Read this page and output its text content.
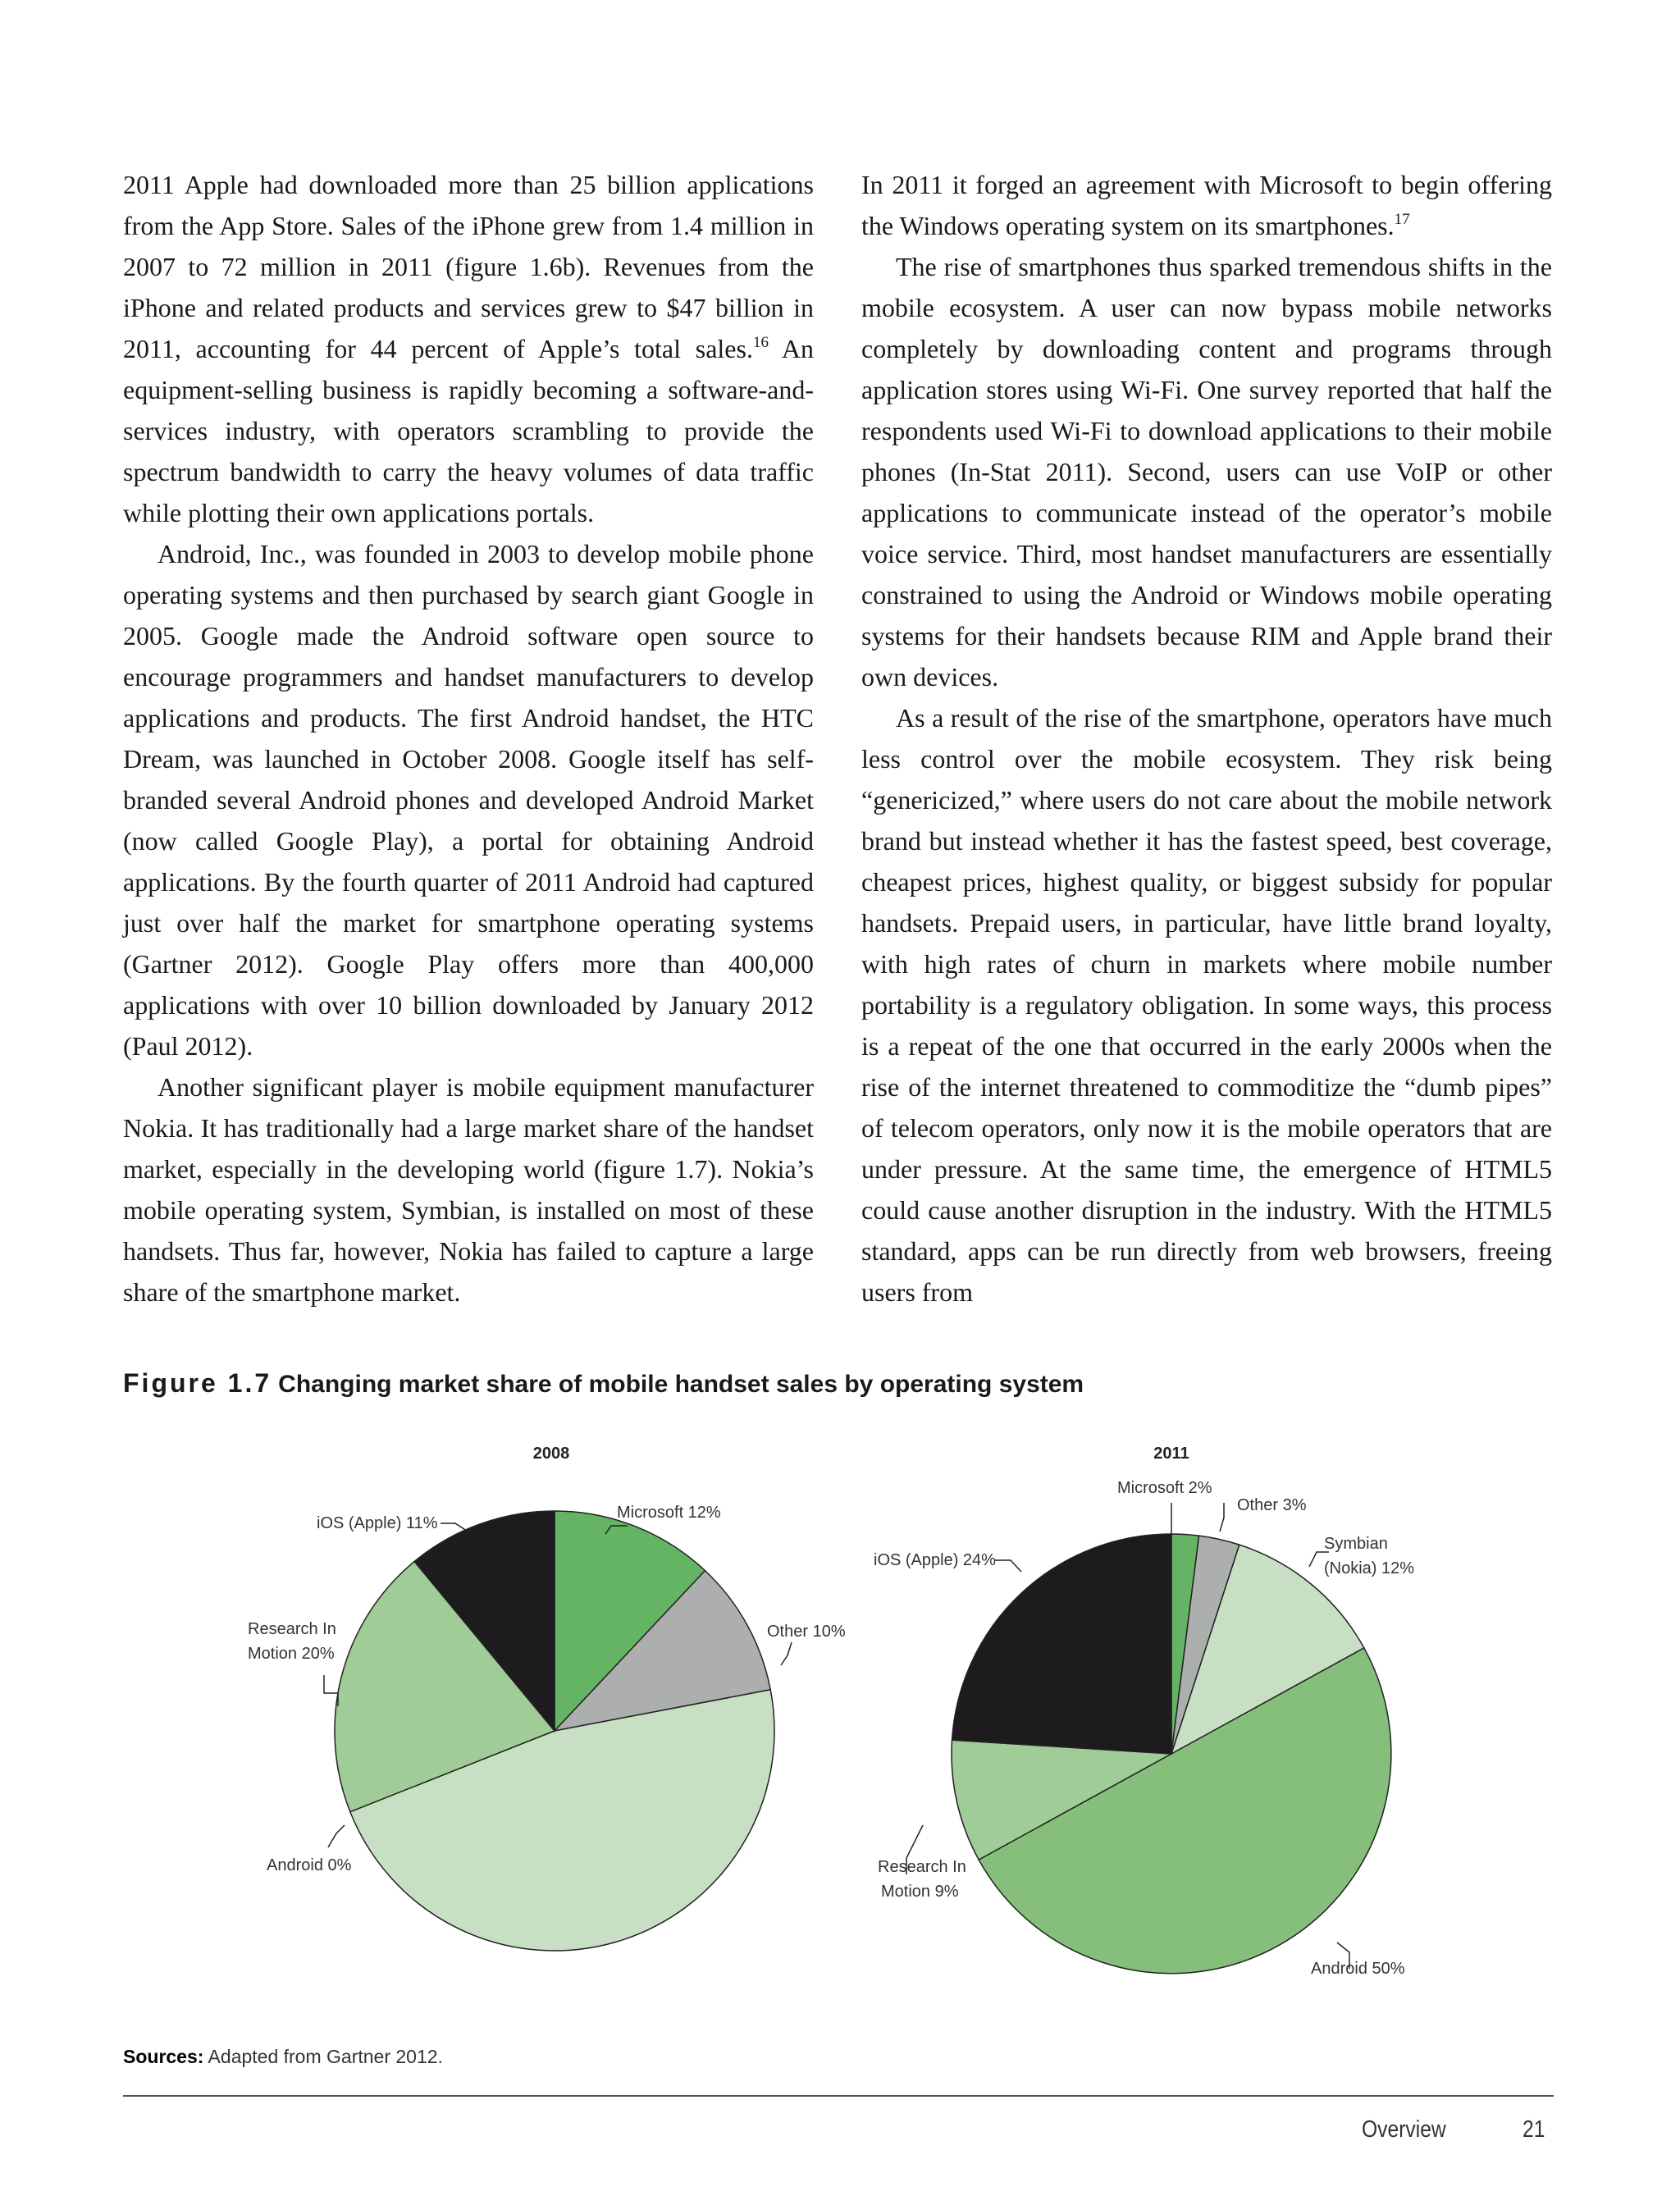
2011 Apple had downloaded more than 25 billion applications from the App Store. Sales of the iPhone grew from 1.4 million in 2007 to 72 million in 2011 (figure 1.6b). Revenues from the iPhone and related products and services grew to $47 billion in 2011, accounting for 44 percent of Apple’s total sales.$^{16}$ An equipment-selling business is rapidly becoming a software-and-services industry, with operators scrambling to provide the spectrum bandwidth to carry the heavy volumes of data traffic while plotting their own applications portals.

Android, Inc., was founded in 2003 to develop mobile phone operating systems and then purchased by search giant Google in 2005. Google made the Android software open source to encourage programmers and handset manufacturers to develop applications and products. The first Android handset, the HTC Dream, was launched in October 2008. Google itself has self-branded several Android phones and developed Android Market (now called Google Play), a portal for obtaining Android applications. By the fourth quarter of 2011 Android had captured just over half the market for smartphone operating systems (Gartner 2012). Google Play offers more than 400,000 applications with over 10 billion downloaded by January 2012 (Paul 2012).

Another significant player is mobile equipment manufacturer Nokia. It has traditionally had a large market share of the handset market, especially in the developing world (figure 1.7). Nokia’s mobile operating system, Symbian, is installed on most of these handsets. Thus far, however, Nokia has failed to capture a large share of the smartphone market.

In 2011 it forged an agreement with Microsoft to begin offering the Windows operating system on its smartphones.$^{17}$

The rise of smartphones thus sparked tremendous shifts in the mobile ecosystem. A user can now bypass mobile networks completely by downloading content and programs through application stores using Wi-Fi. One survey reported that half the respondents used Wi-Fi to download applications to their mobile phones (In-Stat 2011). Second, users can use VoIP or other applications to communicate instead of the operator’s mobile voice service. Third, most handset manufacturers are essentially constrained to using the Android or Windows mobile operating systems for their handsets because RIM and Apple brand their own devices.

As a result of the rise of the smartphone, operators have much less control over the mobile ecosystem. They risk being “genericized,” where users do not care about the mobile network brand but instead whether it has the fastest speed, best coverage, cheapest prices, highest quality, or biggest subsidy for popular handsets. Prepaid users, in particular, have little brand loyalty, with high rates of churn in markets where mobile number portability is a regulatory obligation. In some ways, this process is a repeat of the one that occurred in the early 2000s when the rise of the internet threatened to commoditize the “dumb pipes” of telecom operators, only now it is the mobile operators that are under pressure. At the same time, the emergence of HTML5 could cause another disruption in the industry. With the HTML5 standard, apps can be run directly from web browsers, freeing users from

Figure 1.7 Changing market share of mobile handset sales by operating system
2008
Microsoft 12%
Other 10%
Android 0%
Research In
Motion 20%
iOS (Apple) 11%
2011
Microsoft 2%
Other 3%
Symbian
(Nokia) 12%
Android 50%
Research In
Motion 9%
iOS (Apple) 24%
Sources: Adapted from Gartner 2012.
Overview	21
